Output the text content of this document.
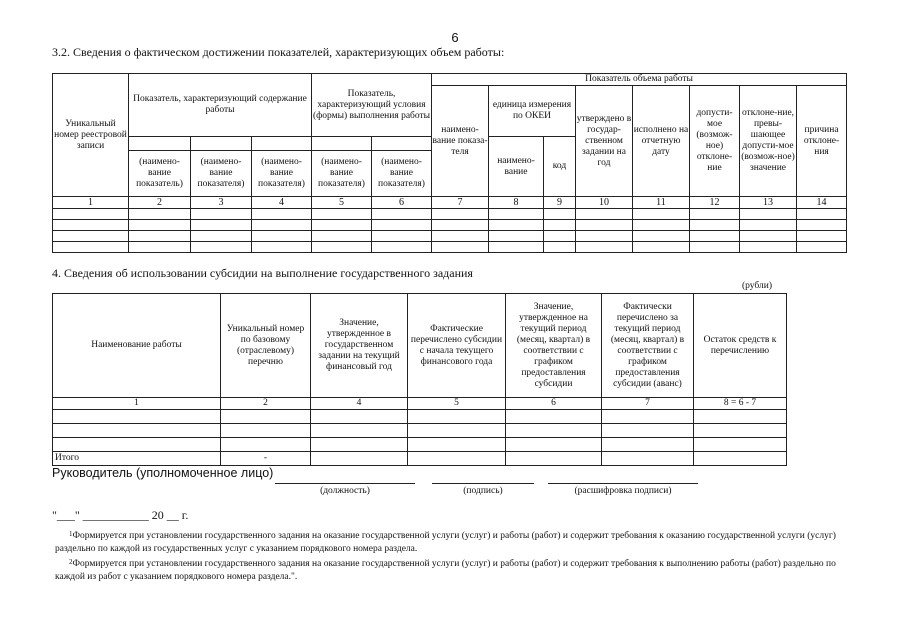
6
3.2. Сведения о фактическом достижении показателей, характеризующих объем работы:
Уникальный номер реестровой записи	Показатель, характеризующий содержание работы			Показатель, характеризующий условия (формы) выполнения работы		Показатель объема работы							
						наимено-вание показа-теля	единица измерения по ОКЕИ		утверждено в государ-ственном задании на год	исполнено на отчетную дату	допусти-мое (возмож-ное) отклоне-ние	отклоне-ние, превы-шающее допусти-мое (возмож-ное) значение	причина отклоне-ния
							наимено-вание	код					
	(наимено-вание показатель)	(наимено-вание показателя)	(наимено-вание показателя)	(наимено-вание показателя)	(наимено-вание показателя)								
1	2	3	4	5	6	7	8	9	10	11	12	13	14

4. Сведения об использовании субсидии на выполнение государственного задания
(рубли)
Наименование работы	Уникальный номер по базовому (отраслевому) перечню	Значение, утвержденное в государственном задании на текущий финансовый год	Фактические перечислено субсидии с начала текущего финансового года	Значение, утвержденное на текущий период (месяц, квартал) в соответствии с графиком предоставления субсидии	Фактически перечислено за текущий период (месяц, квартал) в соответствии с графиком предоставления субсидии (аванс)	Остаток средств к перечислению
1	2	4	5	6	7	8 = 6 - 7

Итого	-					
Руководитель (уполномоченное лицо)
(должность)	(подпись)	(расшифровка подписи)
"___" ___________ 20 __ г.
$^1$Формируется при установлении государственного задания на оказание государственной услуги (услуг) и работы (работ) и содержит требования к оказанию государственной услуги (услуг) раздельно по каждой из государственных услуг с указанием порядкового номера раздела.
$^2$Формируется при установлении государственного задания на оказание государственной услуги (услуг) и работы (работ) и содержит требования к выполнению работы (работ) раздельно по каждой из работ с указанием порядкового номера раздела.".
